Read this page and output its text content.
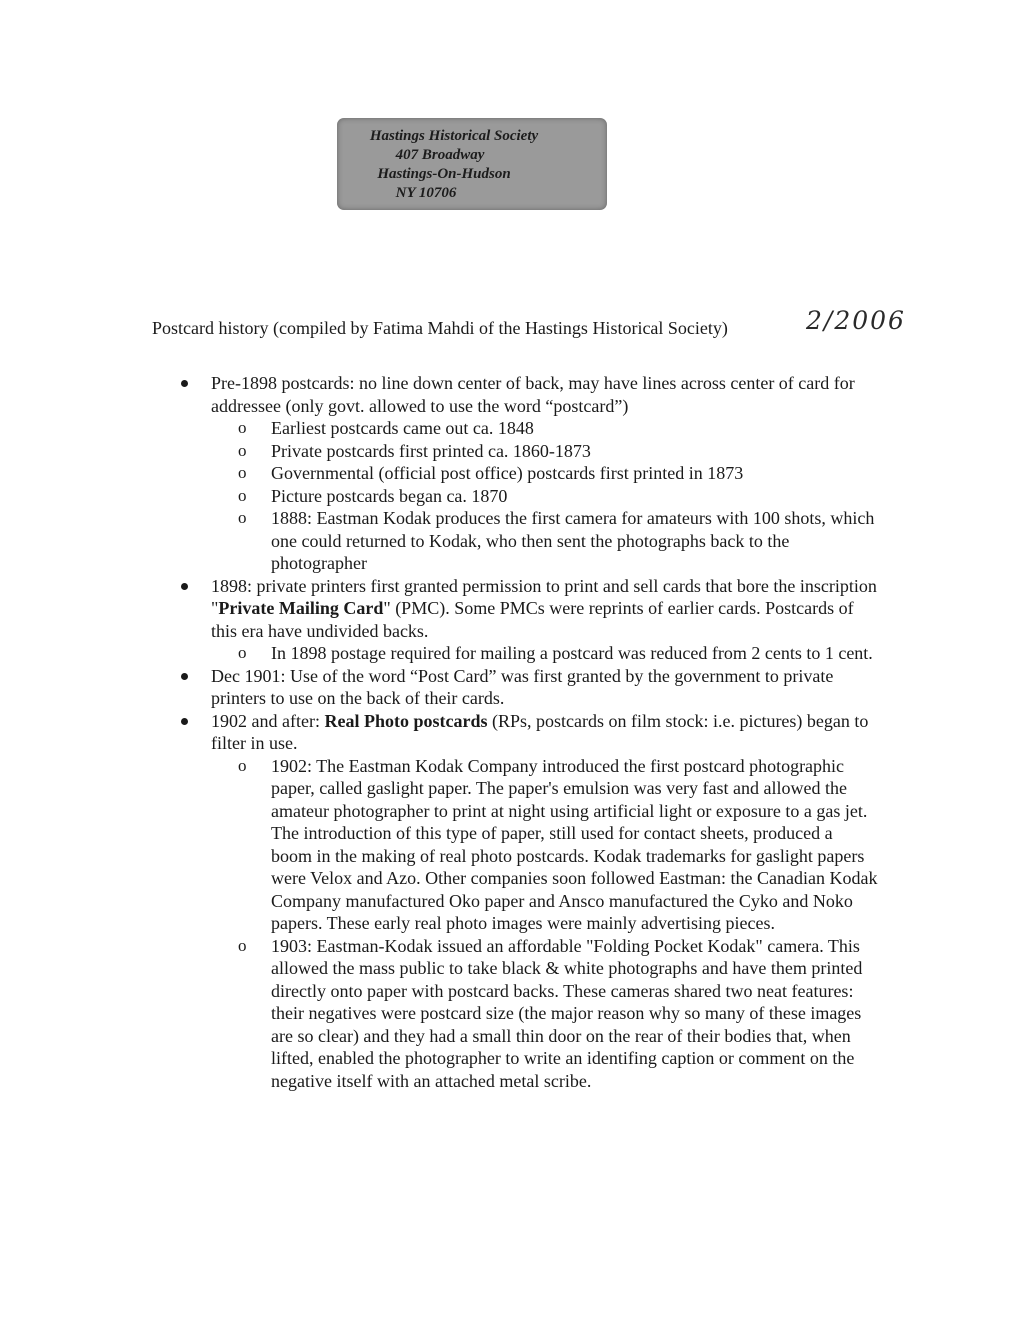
Hastings Historical Society
407 Broadway
Hastings-On-Hudson
NY 10706
Postcard history (compiled by Fatima Mahdi of the Hastings Historical Society)	2/2006
Pre-1898 postcards: no line down center of back, may have lines across center of card for addressee (only govt. allowed to use the word “postcard”)
o Earliest postcards came out ca. 1848
o Private postcards first printed ca. 1860-1873
o Governmental (official post office) postcards first printed in 1873
o Picture postcards began ca. 1870
o 1888: Eastman Kodak produces the first camera for amateurs with 100 shots, which one could returned to Kodak, who then sent the photographs back to the photographer
1898: private printers first granted permission to print and sell cards that bore the inscription "Private Mailing Card" (PMC). Some PMCs were reprints of earlier cards. Postcards of this era have undivided backs.
o In 1898 postage required for mailing a postcard was reduced from 2 cents to 1 cent.
Dec 1901: Use of the word “Post Card” was first granted by the government to private printers to use on the back of their cards.
1902 and after: Real Photo postcards (RPs, postcards on film stock: i.e. pictures) began to filter in use.
o 1902: The Eastman Kodak Company introduced the first postcard photographic paper, called gaslight paper. The paper's emulsion was very fast and allowed the amateur photographer to print at night using artificial light or exposure to a gas jet. The introduction of this type of paper, still used for contact sheets, produced a boom in the making of real photo postcards. Kodak trademarks for gaslight papers were Velox and Azo. Other companies soon followed Eastman: the Canadian Kodak Company manufactured Oko paper and Ansco manufactured the Cyko and Noko papers. These early real photo images were mainly advertising pieces.
o 1903: Eastman-Kodak issued an affordable "Folding Pocket Kodak" camera. This allowed the mass public to take black & white photographs and have them printed directly onto paper with postcard backs. These cameras shared two neat features: their negatives were postcard size (the major reason why so many of these images are so clear) and they had a small thin door on the rear of their bodies that, when lifted, enabled the photographer to write an identifing caption or comment on the negative itself with an attached metal scribe.
